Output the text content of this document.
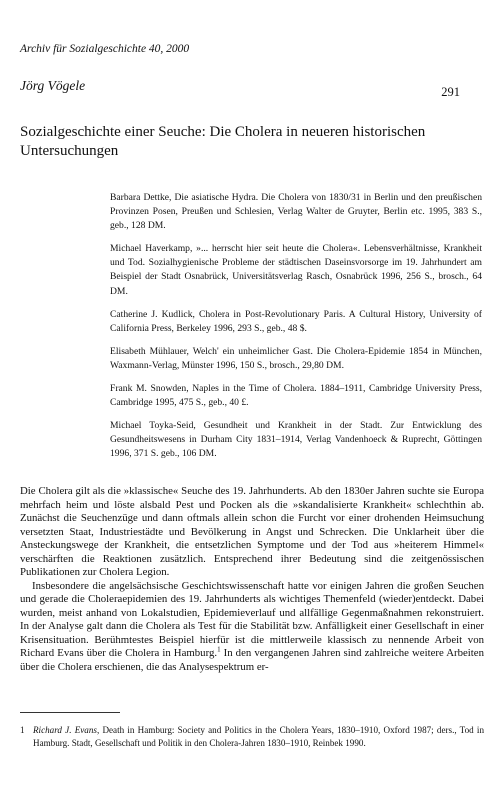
Archiv für Sozialgeschichte 40, 2000
291
Jörg Vögele
Sozialgeschichte einer Seuche: Die Cholera in neueren historischen Untersuchungen
Barbara Dettke, Die asiatische Hydra. Die Cholera von 1830/31 in Berlin und den preußischen Provinzen Posen, Preußen und Schlesien, Verlag Walter de Gruyter, Berlin etc. 1995, 383 S., geb., 128 DM.
Michael Haverkamp, »... herrscht hier seit heute die Cholera«. Lebensverhältnisse, Krankheit und Tod. Sozialhygienische Probleme der städtischen Daseinsvorsorge im 19. Jahrhundert am Beispiel der Stadt Osnabrück, Universitätsverlag Rasch, Osnabrück 1996, 256 S., brosch., 64 DM.
Catherine J. Kudlick, Cholera in Post-Revolutionary Paris. A Cultural History, University of California Press, Berkeley 1996, 293 S., geb., 48 $.
Elisabeth Mühlauer, Welch' ein unheimlicher Gast. Die Cholera-Epidemie 1854 in München, Waxmann-Verlag, Münster 1996, 150 S., brosch., 29,80 DM.
Frank M. Snowden, Naples in the Time of Cholera. 1884–1911, Cambridge University Press, Cambridge 1995, 475 S., geb., 40 £.
Michael Toyka-Seid, Gesundheit und Krankheit in der Stadt. Zur Entwicklung des Gesundheitswesens in Durham City 1831–1914, Verlag Vandenhoeck & Ruprecht, Göttingen 1996, 371 S. geb., 106 DM.

Die Cholera gilt als die »klassische« Seuche des 19. Jahrhunderts. Ab den 1830er Jahren suchte sie Europa mehrfach heim und löste alsbald Pest und Pocken als die »skandalisierte Krankheit« schlechthin ab. Zunächst die Seuchenzüge und dann oftmals allein schon die Furcht vor einer drohenden Heimsuchung versetzten Staat, Industriestädte und Bevölkerung in Angst und Schrecken. Die Unklarheit über die Ansteckungswege der Krankheit, die entsetzlichen Symptome und der Tod aus »heiterem Himmel« verschärften die Reaktionen zusätzlich. Entsprechend ihrer Bedeutung sind die zeitgenössischen Publikationen zur Cholera Legion.

Insbesondere die angelsächsische Geschichtswissenschaft hatte vor einigen Jahren die großen Seuchen und gerade die Choleraepidemien des 19. Jahrhunderts als wichtiges Themenfeld (wieder)entdeckt. Dabei wurden, meist anhand von Lokalstudien, Epidemieverlauf und allfällige Gegenmaßnahmen rekonstruiert. In der Analyse galt dann die Cholera als Test für die Stabilität bzw. Anfälligkeit einer Gesellschaft in einer Krisensituation. Berühmtestes Beispiel hierfür ist die mittlerweile klassisch zu nennende Arbeit von Richard Evans über die Cholera in Hamburg.$^1$ In den vergangenen Jahren sind zahlreiche weitere Arbeiten über die Cholera erschienen, die das Analysespektrum er-

1 Richard J. Evans, Death in Hamburg: Society and Politics in the Cholera Years, 1830–1910, Oxford 1987; ders., Tod in Hamburg. Stadt, Gesellschaft und Politik in den Cholera-Jahren 1830–1910, Reinbek 1990.
